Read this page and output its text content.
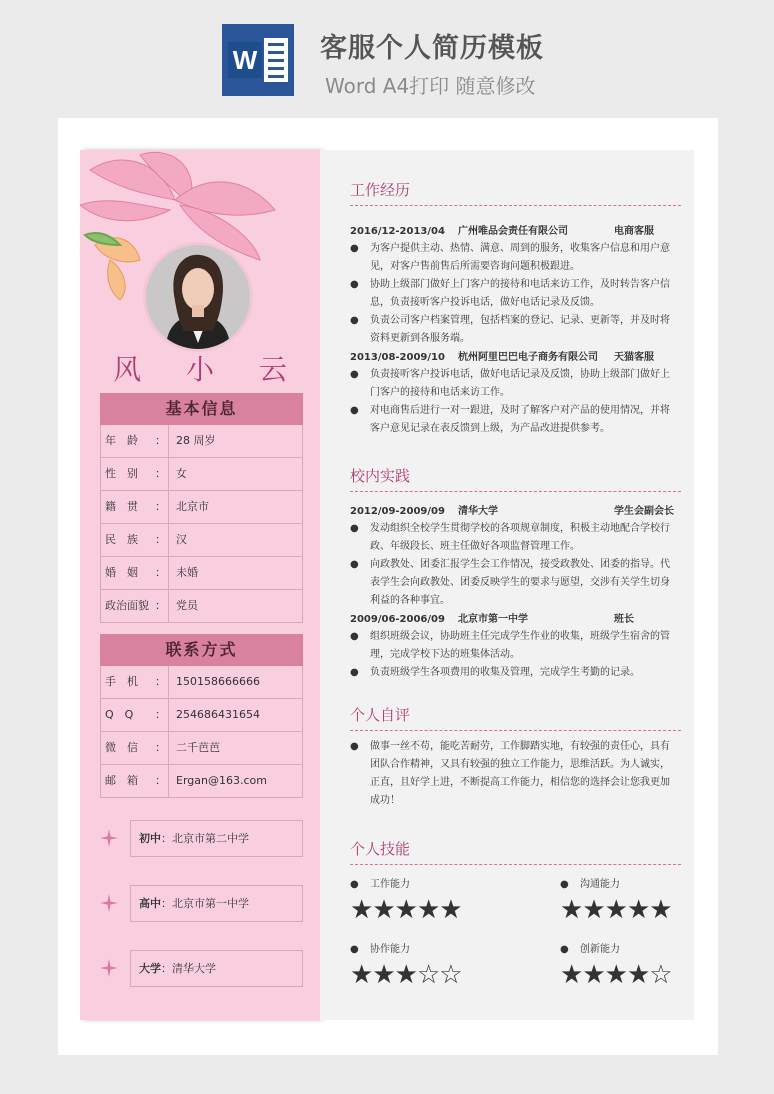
W 客服个人简历模板
Word A4打印 随意修改
风 小 云
基本信息
年　龄	： 28 周岁
性　别	： 女
籍　贯	： 北京市
民　族	： 汉
婚　姻	： 未婚
政治面貌 ： 党员
联系方式
手　机	： 150158666666
Q　Q	： 254686431654
微　信	： 二千芭芭
邮　箱	： Ergan@163.com
初中：北京市第二中学
高中：北京市第一中学
大学：清华大学
工作经历
2016/12-2013/04 广州唯品会责任有限公司	电商客服
● 为客户提供主动、热情、满意、周到的服务，收集客户信息和用户意见，对客户售前售后所需要咨询问题积极跟进。
● 协助上级部门做好上门客户的接待和电话来访工作，及时转告客户信息，负责接听客户投诉电话，做好电话记录及反馈。
● 负责公司客户档案管理，包括档案的登记、记录、更新等，并及时将资料更新到各服务端。
2013/08-2009/10 杭州阿里巴巴电子商务有限公司 天猫客服
● 负责接听客户投诉电话，做好电话记录及反馈，协助上级部门做好上门客户的接待和电话来访工作。
● 对电商售后进行一对一跟进，及时了解客户对产品的使用情况，并将客户意见记录在表反馈到上级，为产品改进提供参考。
校内实践
2012/09-2009/09 清华大学	学生会副会长
● 发动组织全校学生贯彻学校的各项规章制度，积极主动地配合学校行政、年级段长、班主任做好各项监督管理工作。
● 向政教处、团委汇报学生会工作情况，接受政教处、团委的指导。代表学生会向政教处、团委反映学生的要求与愿望，交涉有关学生切身利益的各种事宜。
2009/06-2006/09 北京市第一中学	班长
● 组织班级会议，协助班主任完成学生作业的收集，班级学生宿舍的管理，完成学校下达的班集体活动。
● 负责班级学生各项费用的收集及管理，完成学生考勤的记录。
个人自评
● 做事一丝不苟，能吃苦耐劳，工作脚踏实地，有较强的责任心，具有团队合作精神，又具有较强的独立工作能力，思维活跃。为人诚实，正直，且好学上进，不断提高工作能力，相信您的选择会让您我更加成功！
个人技能
● 工作能力
★★★★★
● 沟通能力
★★★★★
● 协作能力
★★★☆☆
● 创新能力
★★★★☆
